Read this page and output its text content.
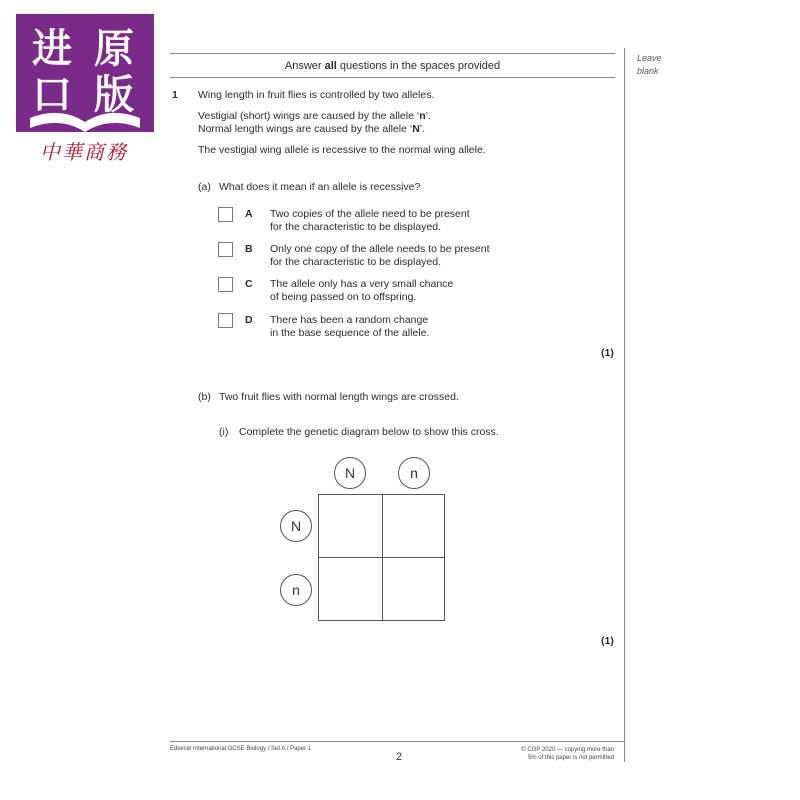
进 原
口 版
中華商務
Answer all questions in the spaces provided
Leave
blank
1 Wing length in fruit flies is controlled by two alleles.
Vestigial (short) wings are caused by the allele ‘n’.
Normal length wings are caused by the allele ‘N’.
The vestigial wing allele is recessive to the normal wing allele.
(a) What does it mean if an allele is recessive?
A Two copies of the allele need to be present
for the characteristic to be displayed.
B Only one copy of the allele needs to be present
for the characteristic to be displayed.
C The allele only has a very small chance
of being passed on to offspring.
D There has been a random change
in the base sequence of the allele.
(1)
(b) Two fruit flies with normal length wings are crossed.
(i) Complete the genetic diagram below to show this cross.
N	n
N
n
(1)
Edexcel International GCSE Biology / Set A / Paper 1
2
© CGP 2020 — copying more than
5% of this paper is not permitted
